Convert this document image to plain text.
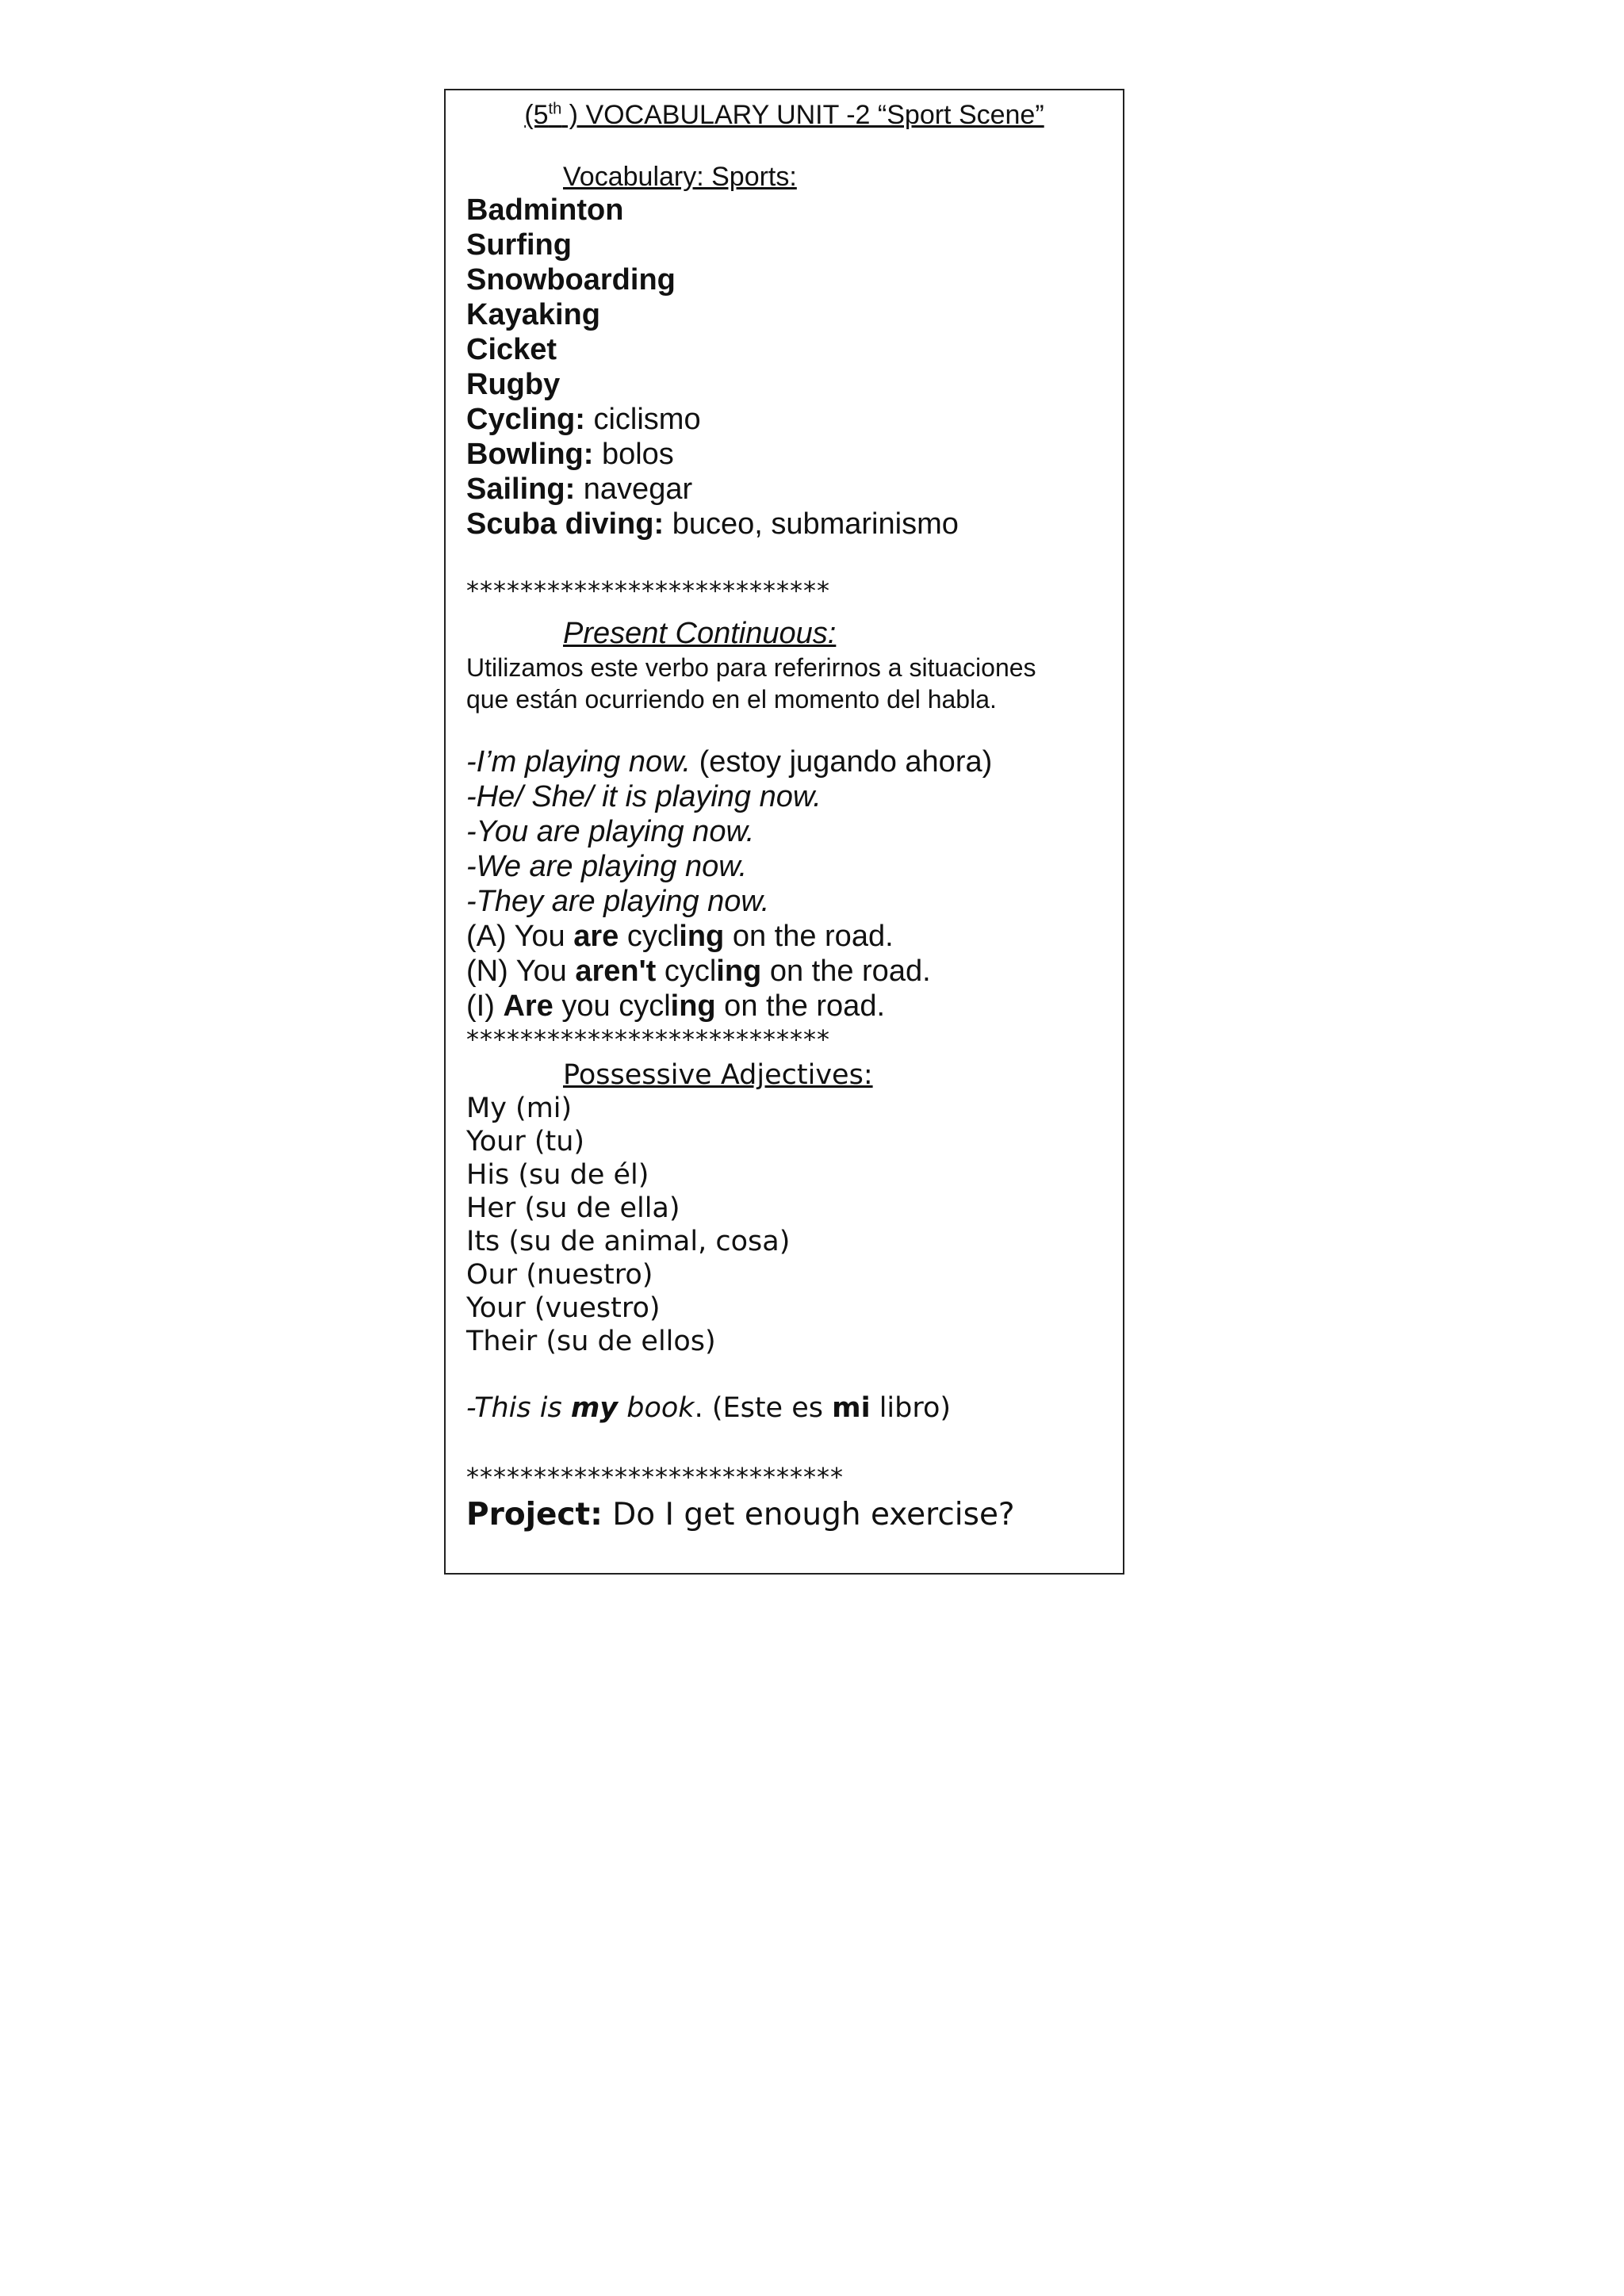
(5th ) VOCABULARY UNIT -2 “Sport Scene”
Vocabulary: Sports:
Badminton
Surfing
Snowboarding
Kayaking
Cicket
Rugby
Cycling: ciclismo
Bowling: bolos
Sailing: navegar
Scuba diving: buceo, submarinismo
***************************
Present Continuous:
Utilizamos este verbo para referirnos a situaciones
que están ocurriendo en el momento del habla.
-I’m playing now. (estoy jugando ahora)
-He/ She/ it is playing now.
-You are playing now.
-We are playing now.
-They are playing now.
(A) You are cycling on the road.
(N) You aren't cycling on the road.
(I) Are you cycling on the road.
***************************
Possessive Adjectives:
My (mi)
Your (tu)
His (su de él)
Her (su de ella)
Its (su de animal, cosa)
Our (nuestro)
Your (vuestro)
Their (su de ellos)
-This is my book. (Este es mi libro)
****************************
Project: Do I get enough exercise?
